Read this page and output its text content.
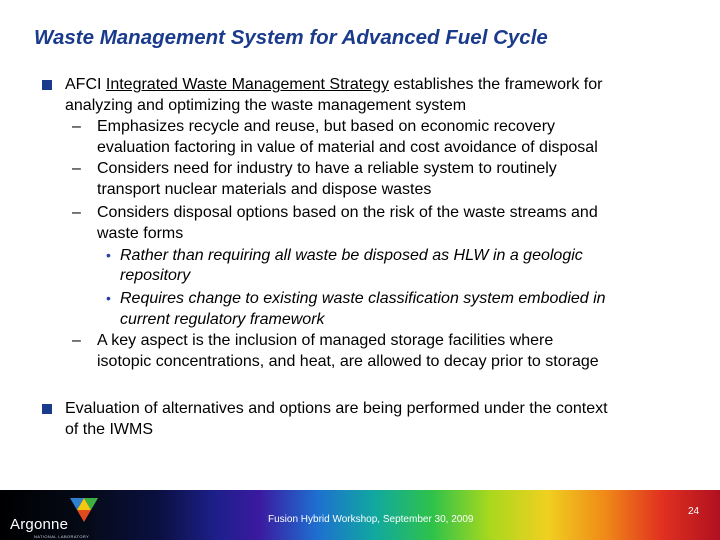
Waste Management System for Advanced Fuel Cycle
AFCI Integrated Waste Management Strategy establishes the framework for
analyzing and optimizing the waste management system
– Emphasizes recycle and reuse, but based on economic recovery
evaluation factoring in value of material and cost avoidance of disposal
– Considers need for industry to have a reliable system to routinely
transport nuclear materials and dispose wastes
– Considers disposal options based on the risk of the waste streams and
waste forms
• Rather than requiring all waste be disposed as HLW in a geologic
repository
• Requires change to existing waste classification system embodied in
current regulatory framework
– A key aspect is the inclusion of managed storage facilities where
isotopic concentrations, and heat, are allowed to decay prior to storage
Evaluation of alternatives and options are being performed under the context
of the IWMS
Argonne
NATIONAL LABORATORY
Fusion Hybrid Workshop, September 30, 2009
24
